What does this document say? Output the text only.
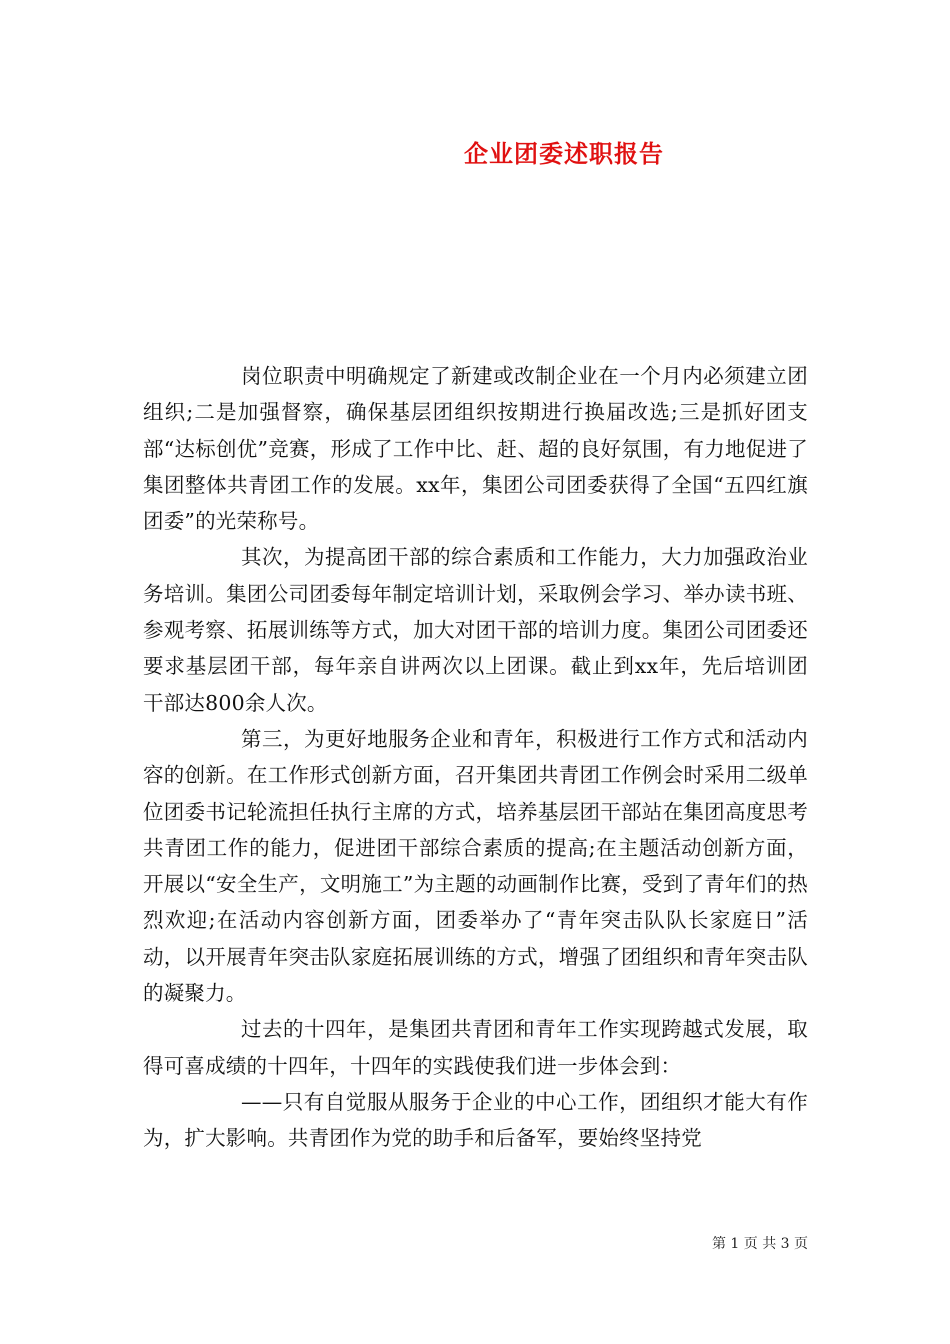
企业团委述职报告

岗位职责中明确规定了新建或改制企业在一个月内必须建立团组织;二是加强督察，确保基层团组织按期进行换届改选;三是抓好团支部“达标创优”竞赛，形成了工作中比、赶、超的良好氛围，有力地促进了集团整体共青团工作的发展。xx年，集团公司团委获得了全国“五四红旗团委”的光荣称号。

其次，为提高团干部的综合素质和工作能力，大力加强政治业务培训。集团公司团委每年制定培训计划，采取例会学习、举办读书班、参观考察、拓展训练等方式，加大对团干部的培训力度。集团公司团委还要求基层团干部，每年亲自讲两次以上团课。截止到xx年，先后培训团干部达800余人次。

第三，为更好地服务企业和青年，积极进行工作方式和活动内容的创新。在工作形式创新方面，召开集团共青团工作例会时采用二级单位团委书记轮流担任执行主席的方式，培养基层团干部站在集团高度思考共青团工作的能力，促进团干部综合素质的提高;在主题活动创新方面，开展以“安全生产，文明施工”为主题的动画制作比赛，受到了青年们的热烈欢迎;在活动内容创新方面，团委举办了“青年突击队队长家庭日”活动，以开展青年突击队家庭拓展训练的方式，增强了团组织和青年突击队的凝聚力。

过去的十四年，是集团共青团和青年工作实现跨越式发展，取得可喜成绩的十四年，十四年的实践使我们进一步体会到：

——只有自觉服从服务于企业的中心工作，团组织才能大有作为，扩大影响。共青团作为党的助手和后备军，要始终坚持党

第 1 页 共 3 页
